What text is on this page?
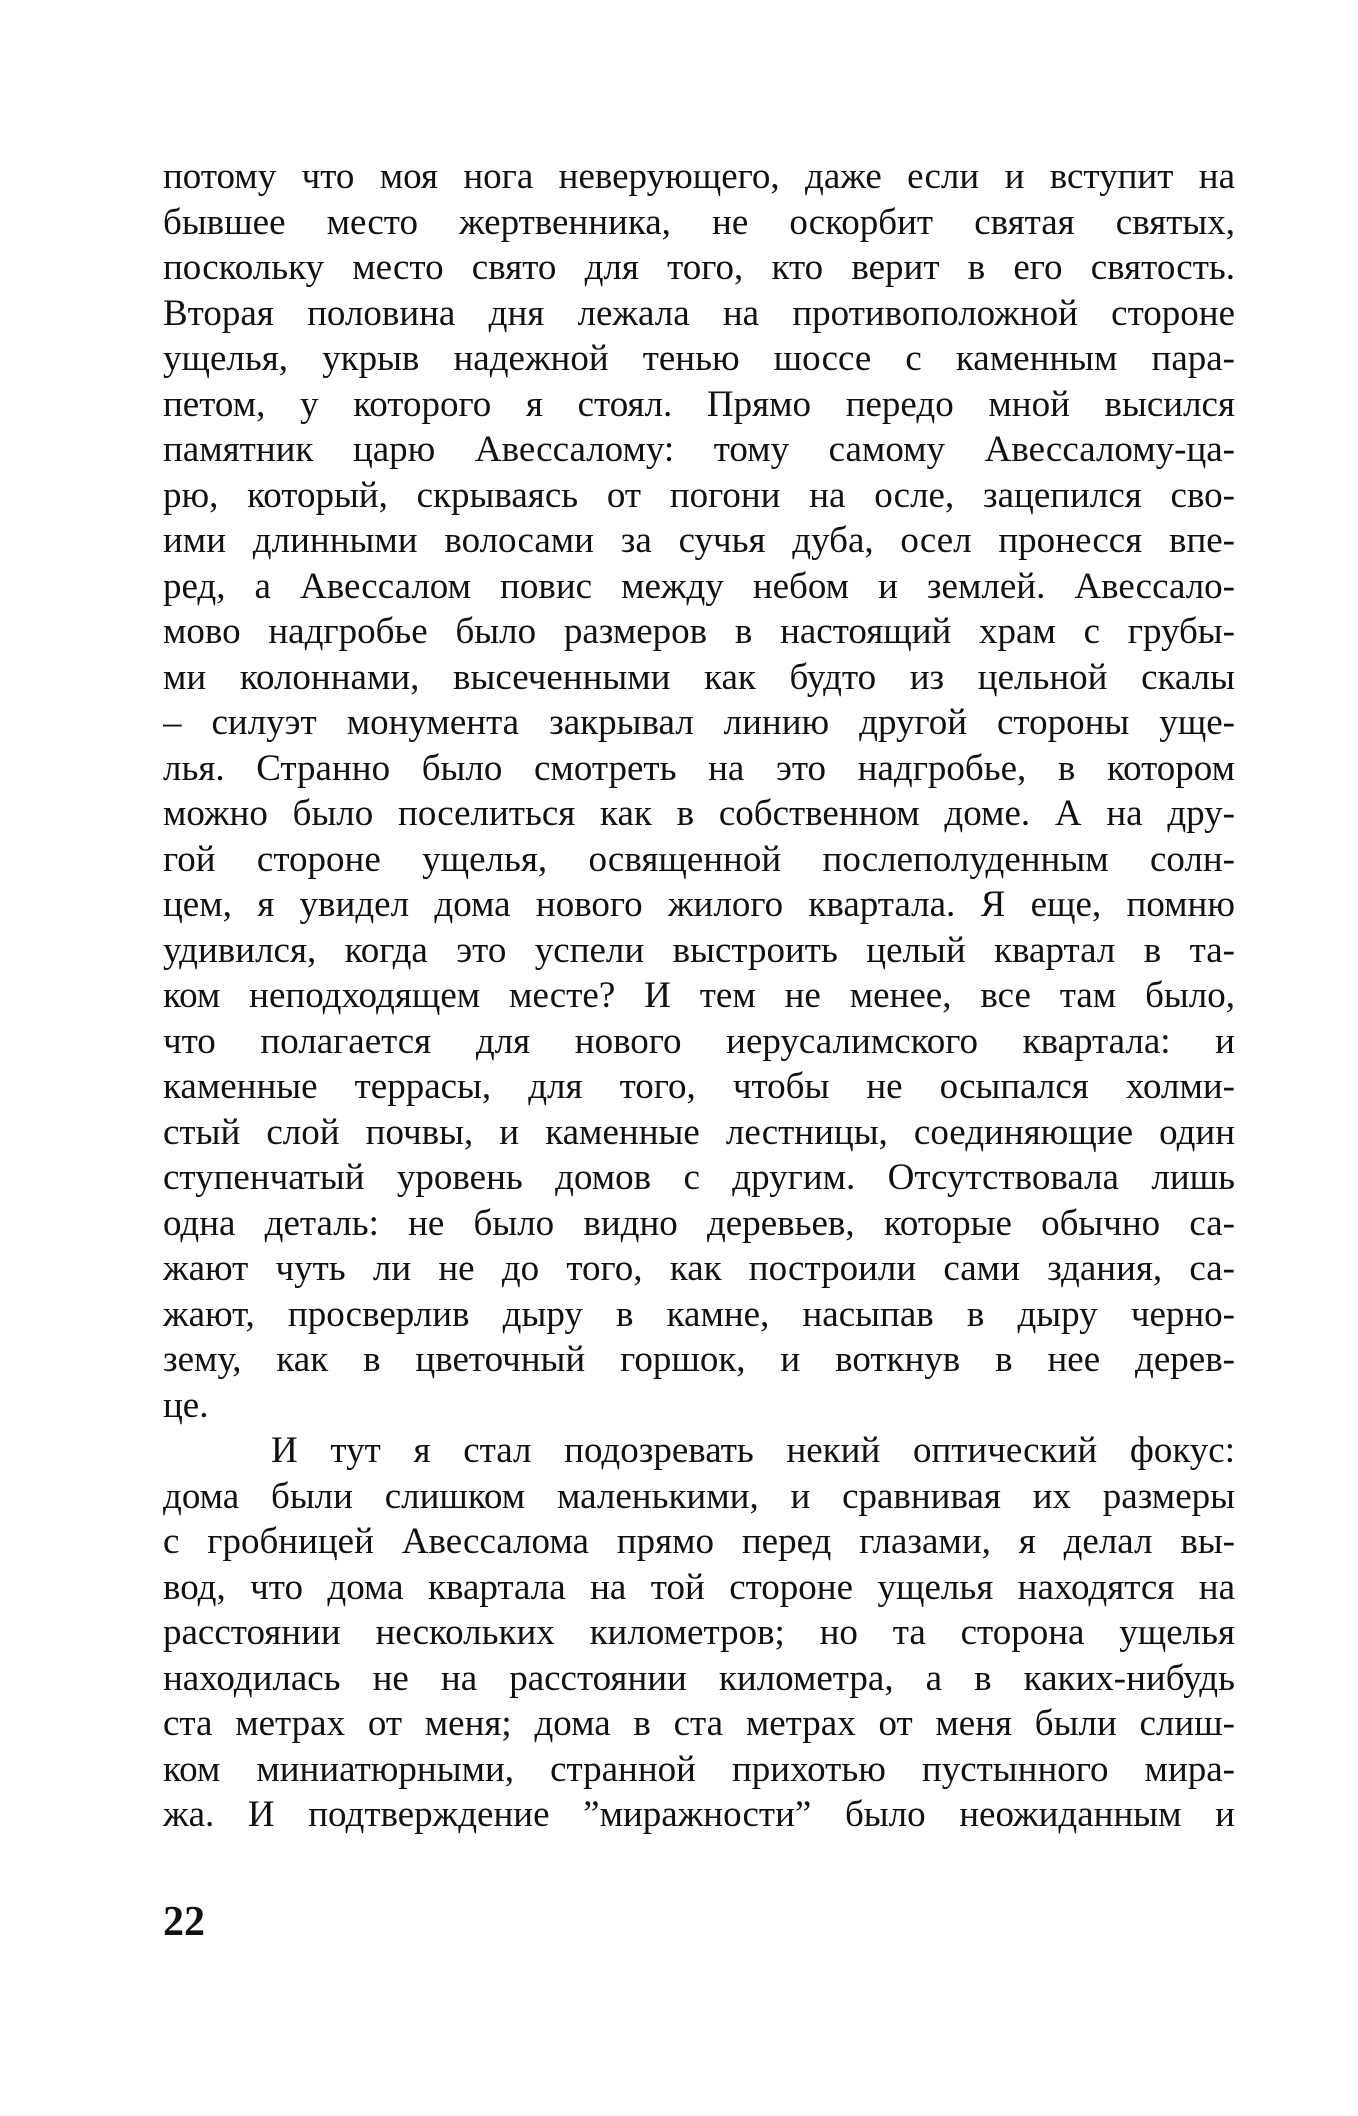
потому что моя нога неверующего, даже если и вступит на
бывшее место жертвенника, не оскорбит святая святых,
поскольку место свято для того, кто верит в его святость.
Вторая половина дня лежала на противоположной стороне
ущелья, укрыв надежной тенью шоссе с каменным пара-
петом, у которого я стоял. Прямо передо мной высился
памятник царю Авессалому: тому самому Авессалому-ца-
рю, который, скрываясь от погони на осле, зацепился сво-
ими длинными волосами за сучья дуба, осел пронесся впе-
ред, а Авессалом повис между небом и землей. Авессало-
мово надгробье было размеров в настоящий храм с грубы-
ми колоннами, высеченными как будто из цельной скалы
– силуэт монумента закрывал линию другой стороны уще-
лья. Странно было смотреть на это надгробье, в котором
можно было поселиться как в собственном доме. А на дру-
гой стороне ущелья, освященной послеполуденным солн-
цем, я увидел дома нового жилого квартала. Я еще, помню
удивился, когда это успели выстроить целый квартал в та-
ком неподходящем месте? И тем не менее, все там было,
что полагается для нового иерусалимского квартала: и
каменные террасы, для того, чтобы не осыпался холми-
стый слой почвы, и каменные лестницы, соединяющие один
ступенчатый уровень домов с другим. Отсутствовала лишь
одна деталь: не было видно деревьев, которые обычно са-
жают чуть ли не до того, как построили сами здания, са-
жают, просверлив дыру в камне, насыпав в дыру черно-
зему, как в цветочный горшок, и воткнув в нее дерев-
це.
И тут я стал подозревать некий оптический фокус:
дома были слишком маленькими, и сравнивая их размеры
с гробницей Авессалома прямо перед глазами, я делал вы-
вод, что дома квартала на той стороне ущелья находятся на
расстоянии нескольких километров; но та сторона ущелья
находилась не на расстоянии километра, а в каких-нибудь
ста метрах от меня; дома в ста метрах от меня были слиш-
ком миниатюрными, странной прихотью пустынного мира-
жа. И подтверждение ”миражности” было неожиданным и
22
